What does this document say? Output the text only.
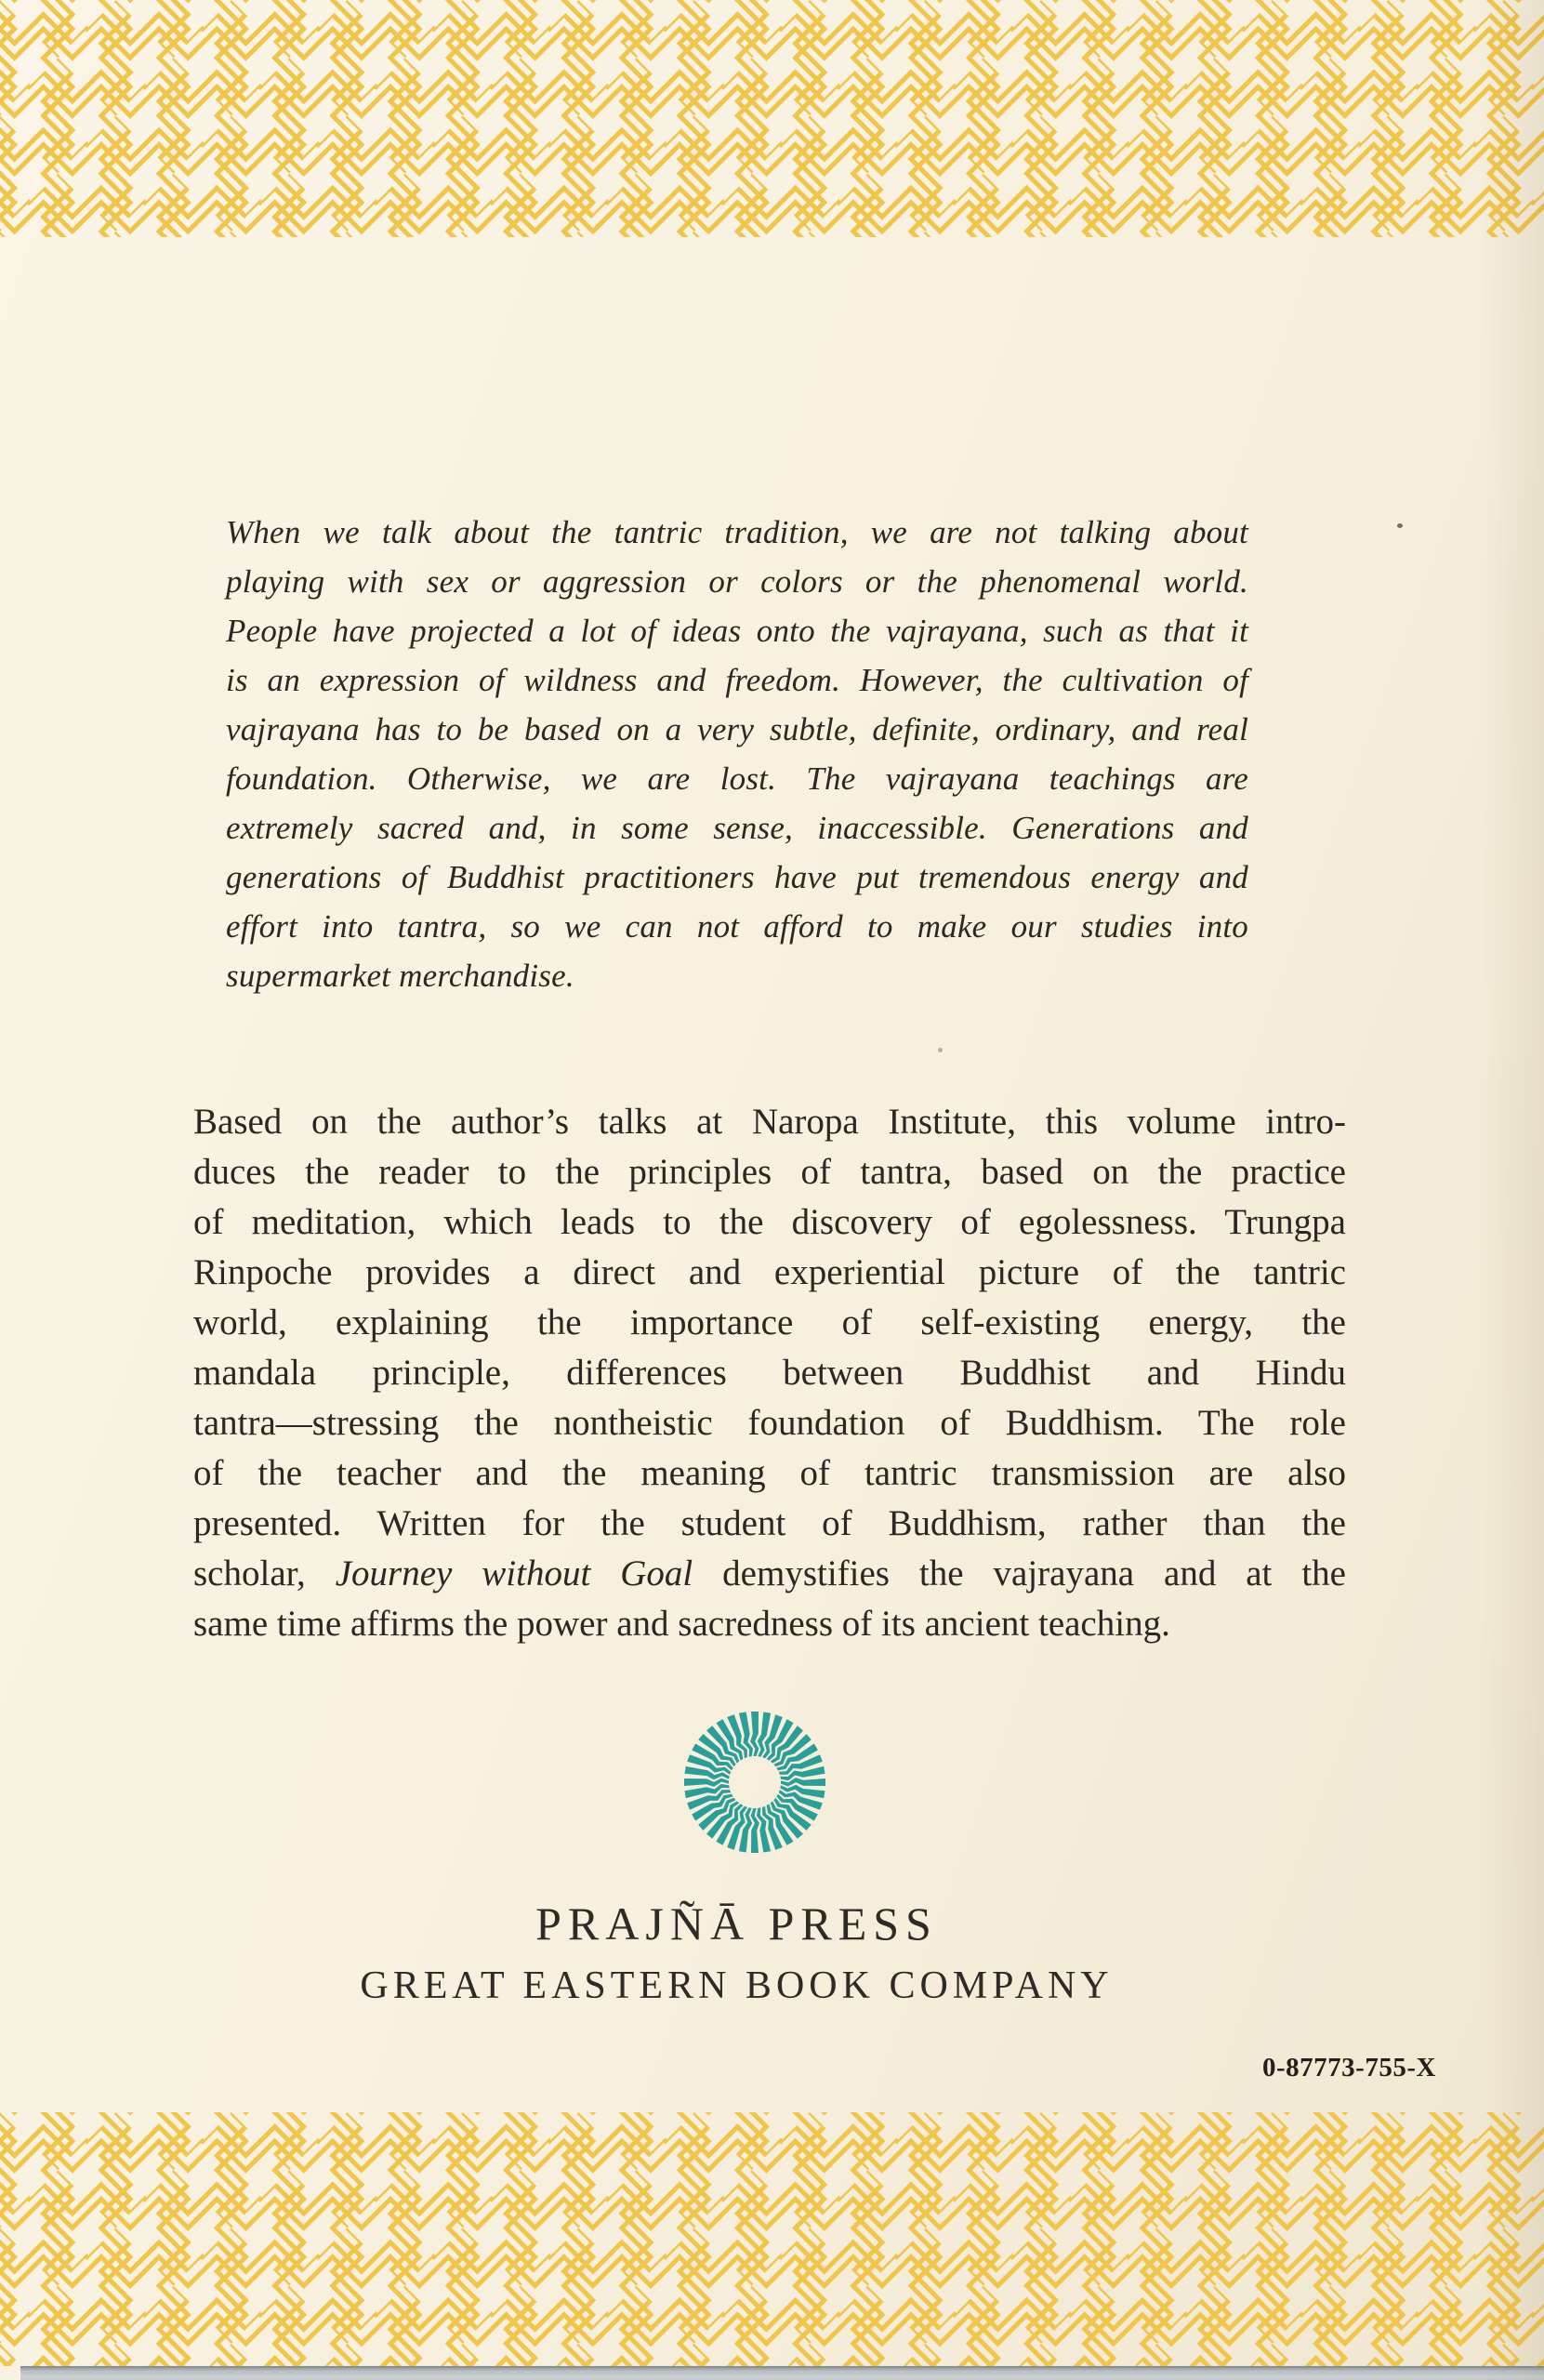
When we talk about the tantric tradition, we are not talking about
playing with sex or aggression or colors or the phenomenal world.
People have projected a lot of ideas onto the vajrayana, such as that it
is an expression of wildness and freedom. However, the cultivation of
vajrayana has to be based on a very subtle, definite, ordinary, and real
foundation. Otherwise, we are lost. The vajrayana teachings are
extremely sacred and, in some sense, inaccessible. Generations and
generations of Buddhist practitioners have put tremendous energy and
effort into tantra, so we can not afford to make our studies into
supermarket merchandise.
Based on the author’s talks at Naropa Institute, this volume intro-
duces the reader to the principles of tantra, based on the practice
of meditation, which leads to the discovery of egolessness. Trungpa
Rinpoche provides a direct and experiential picture of the tantric
world, explaining the importance of self-existing energy, the
mandala principle, differences between Buddhist and Hindu
tantra—stressing the nontheistic foundation of Buddhism. The role
of the teacher and the meaning of tantric transmission are also
presented. Written for the student of Buddhism, rather than the
scholar, Journey without Goal demystifies the vajrayana and at the
same time affirms the power and sacredness of its ancient teaching.
PRAJÑĀ PRESS
GREAT EASTERN BOOK COMPANY
0-87773-755-X
